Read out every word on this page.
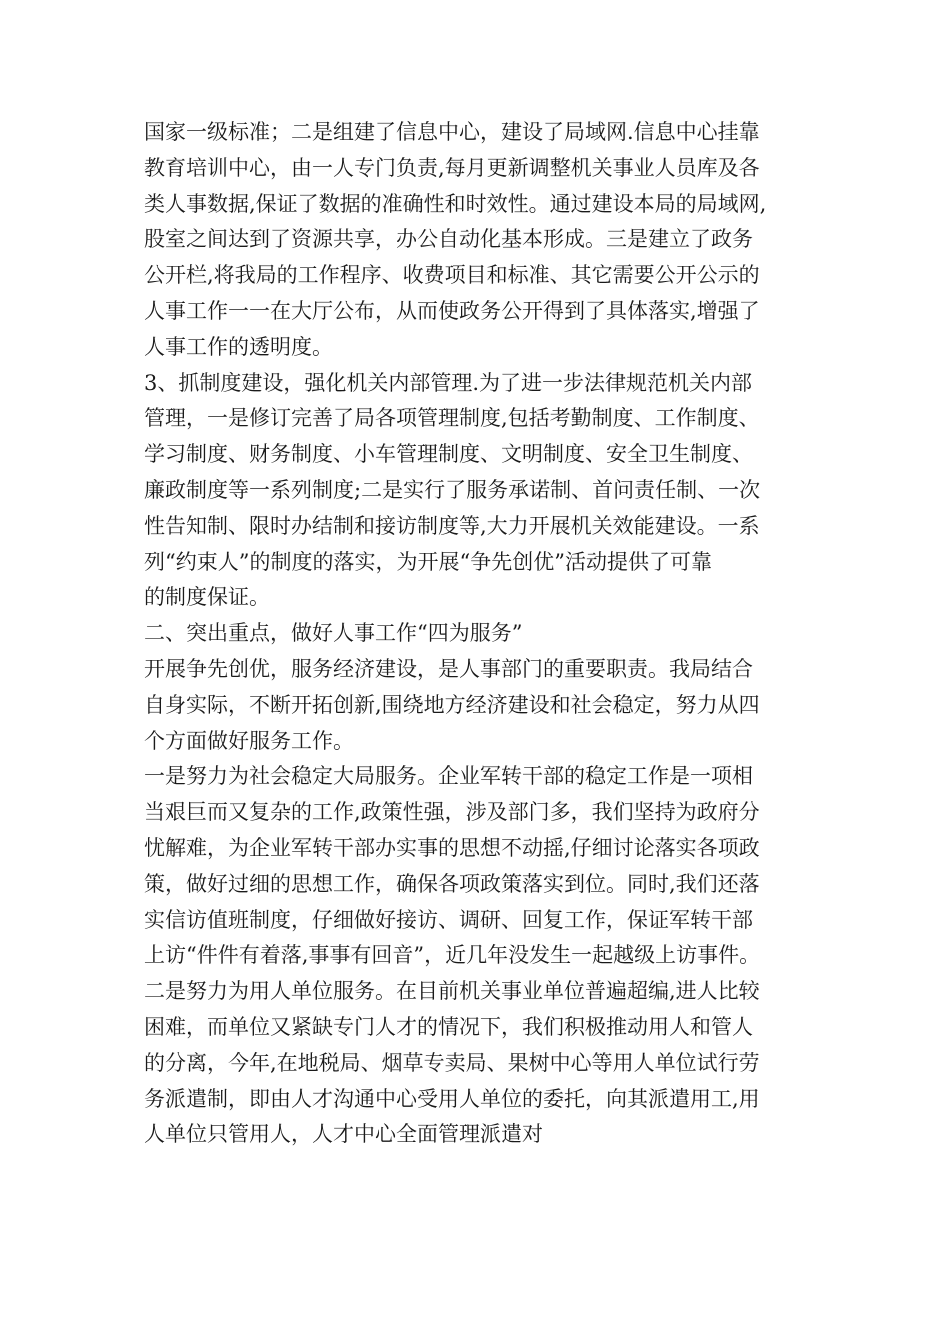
国家一级标准；二是组建了信息中心，建设了局域网.信息中心挂靠
教育培训中心，由一人专门负责,每月更新调整机关事业人员库及各
类人事数据,保证了数据的准确性和时效性。通过建设本局的局域网,
股室之间达到了资源共享，办公自动化基本形成。三是建立了政务
公开栏,将我局的工作程序、收费项目和标准、其它需要公开公示的
人事工作一一在大厅公布，从而使政务公开得到了具体落实,增强了
人事工作的透明度。
3、抓制度建设，强化机关内部管理.为了进一步法律规范机关内部
管理，一是修订完善了局各项管理制度,包括考勤制度、工作制度、
学习制度、财务制度、小车管理制度、文明制度、安全卫生制度、
廉政制度等一系列制度;二是实行了服务承诺制、首问责任制、一次
性告知制、限时办结制和接访制度等,大力开展机关效能建设。一系
列“约束人”的制度的落实，为开展“争先创优”活动提供了可靠
的制度保证。
二、突出重点，做好人事工作“四为服务”
开展争先创优，服务经济建设，是人事部门的重要职责。我局结合
自身实际，不断开拓创新,围绕地方经济建设和社会稳定，努力从四
个方面做好服务工作。
一是努力为社会稳定大局服务。企业军转干部的稳定工作是一项相
当艰巨而又复杂的工作,政策性强，涉及部门多，我们坚持为政府分
忧解难，为企业军转干部办实事的思想不动摇,仔细讨论落实各项政
策，做好过细的思想工作，确保各项政策落实到位。同时,我们还落
实信访值班制度，仔细做好接访、调研、回复工作，保证军转干部
上访“件件有着落,事事有回音”，近几年没发生一起越级上访事件。
二是努力为用人单位服务。在目前机关事业单位普遍超编,进人比较
困难，而单位又紧缺专门人才的情况下，我们积极推动用人和管人
的分离，今年,在地税局、烟草专卖局、果树中心等用人单位试行劳
务派遣制，即由人才沟通中心受用人单位的委托，向其派遣用工,用
人单位只管用人，人才中心全面管理派遣对
